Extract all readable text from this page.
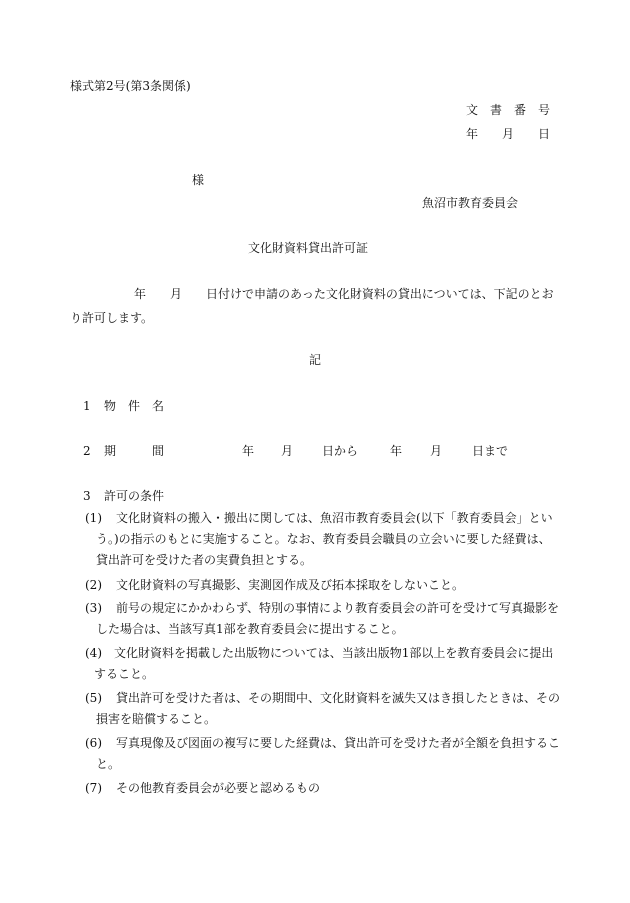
様式第2号(第3条関係)
文　書　番　号
年　　月　　日
様
魚沼市教育委員会
文化財資料貸出許可証
　　年　　月　　日付けで申請のあった文化財資料の貸出については、下記のとおり許可します。
記
1 物　件　名
2 期　　　間	年 月 日から	年 月 日まで
3 許可の条件
(1)	文化財資料の搬入・搬出に関しては、魚沼市教育委員会(以下「教育委員会」という。)の指示のもとに実施すること。なお、教育委員会職員の立会いに要した経費は、貸出許可を受けた者の実費負担とする。
(2)	文化財資料の写真撮影、実測図作成及び拓本採取をしないこと。
(3)	前号の規定にかかわらず、特別の事情により教育委員会の許可を受けて写真撮影をした場合は、当該写真1部を教育委員会に提出すること。
(4)	文化財資料を掲載した出版物については、当該出版物1部以上を教育委員会に提出すること。
(5)	貸出許可を受けた者は、その期間中、文化財資料を滅失又はき損したときは、その損害を賠償すること。
(6)	写真現像及び図面の複写に要した経費は、貸出許可を受けた者が全額を負担すること。
(7)	その他教育委員会が必要と認めるもの
